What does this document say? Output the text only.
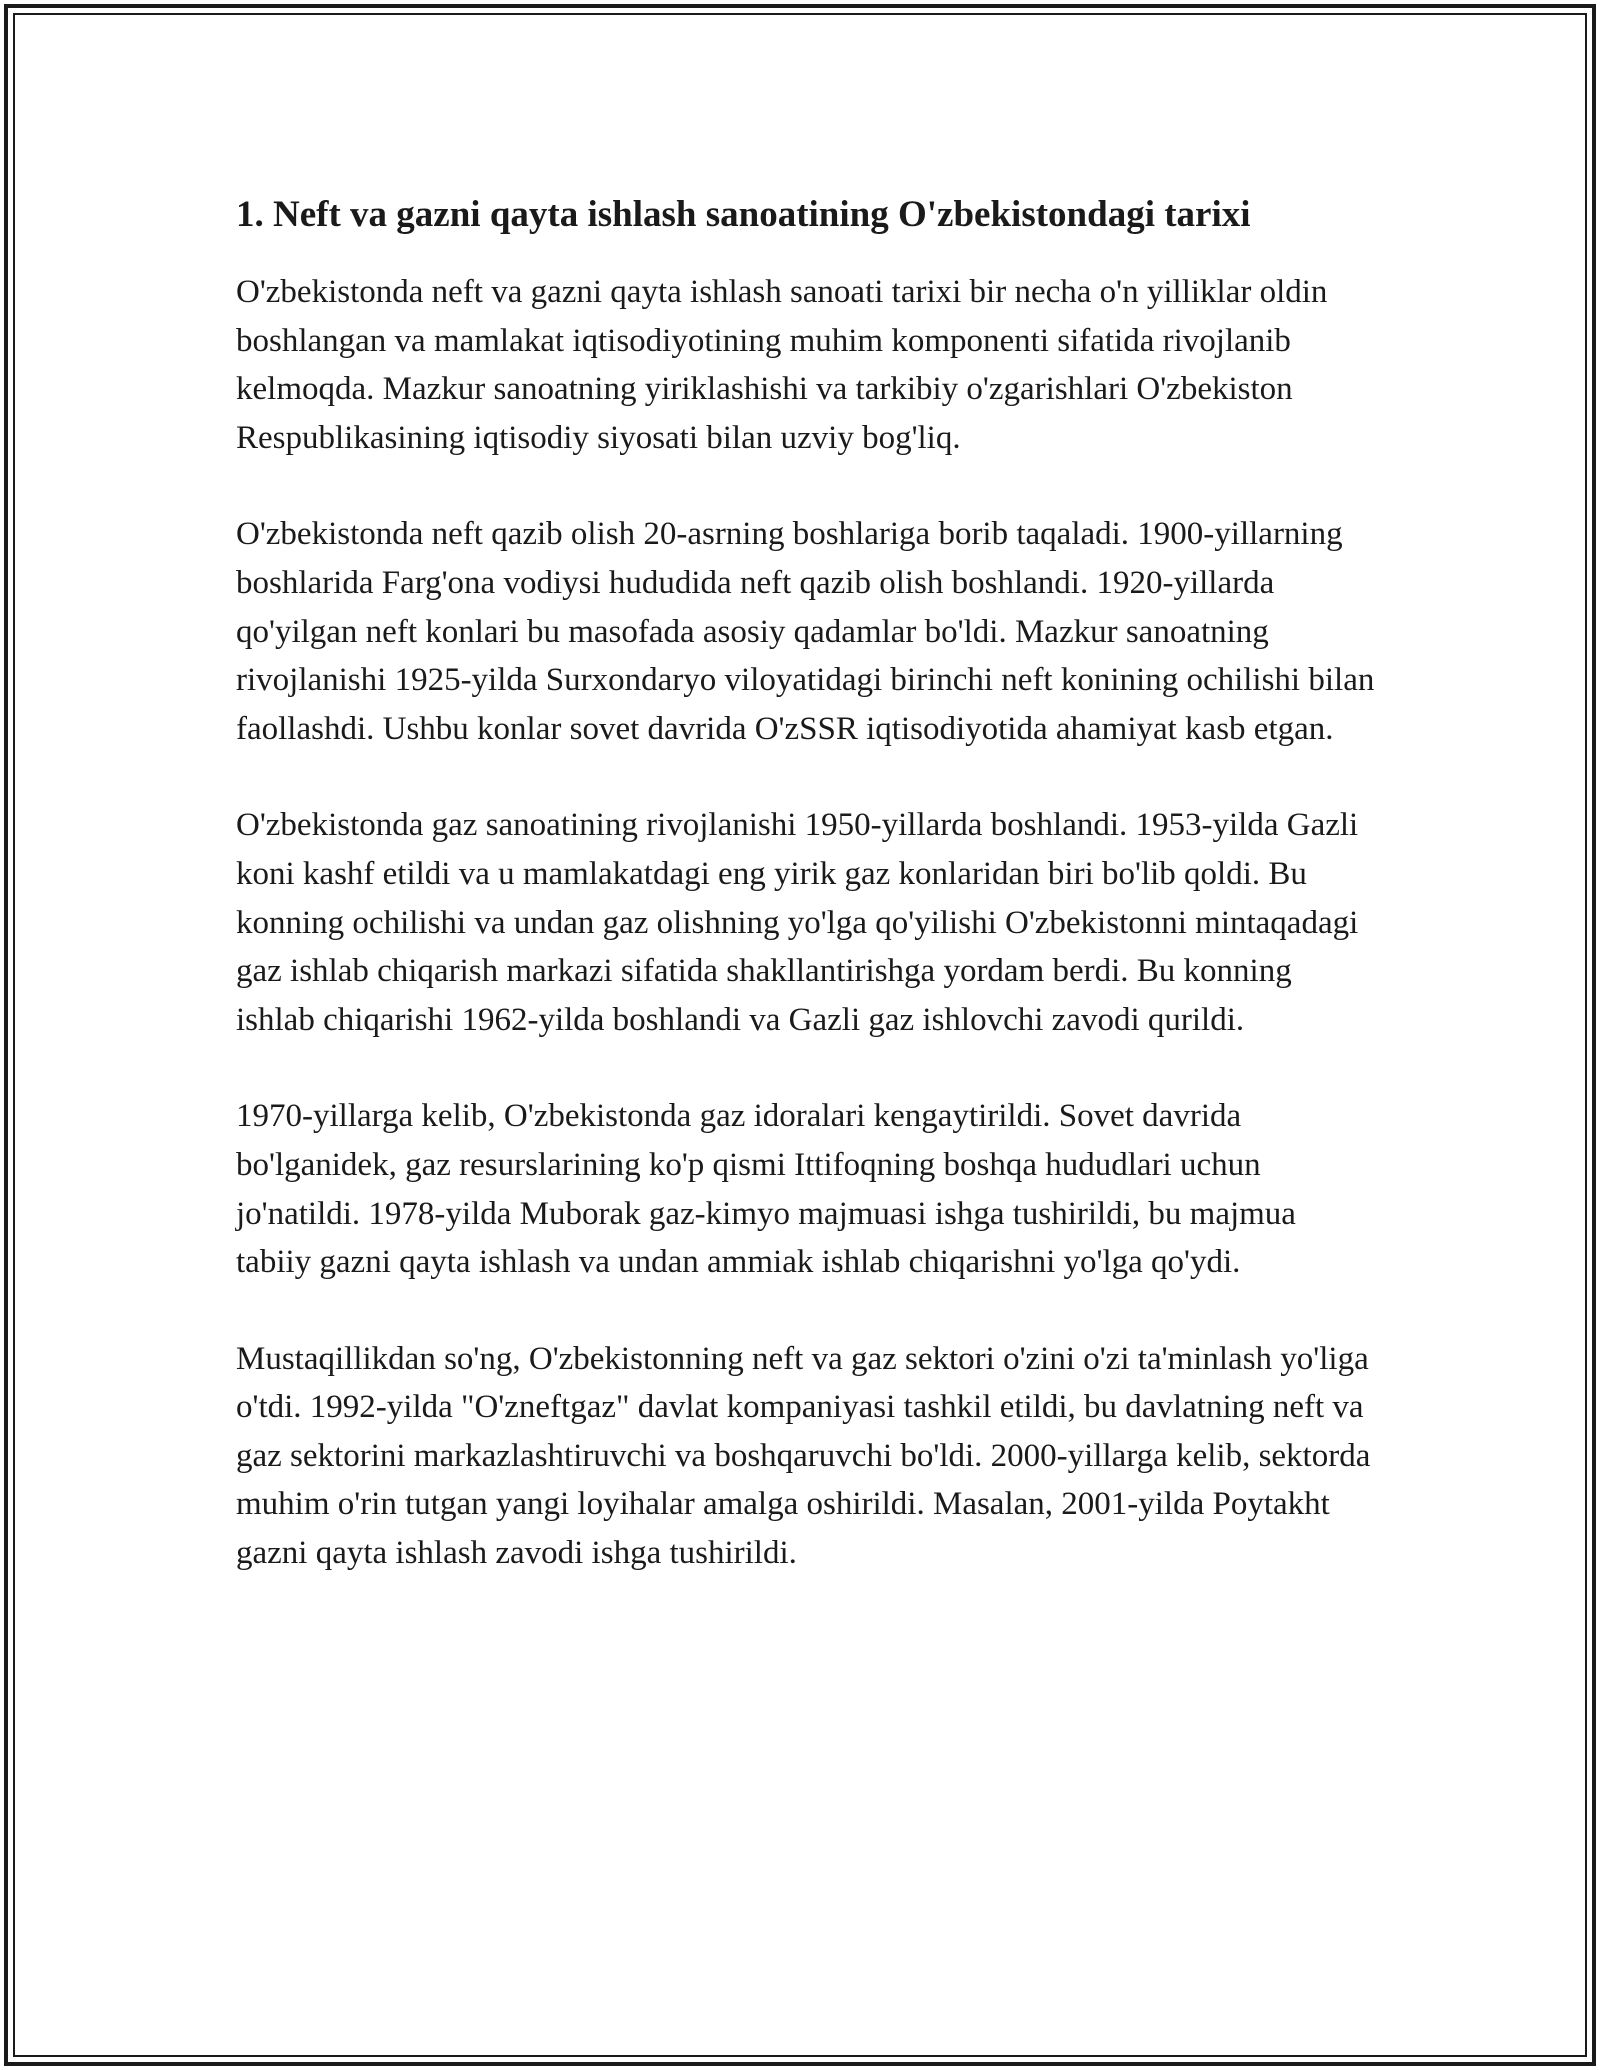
1. Neft va gazni qayta ishlash sanoatining O'zbekistondagi tarixi

O'zbekistonda neft va gazni qayta ishlash sanoati tarixi bir necha o'n yilliklar oldin boshlangan va mamlakat iqtisodiyotining muhim komponenti sifatida rivojlanib kelmoqda. Mazkur sanoatning yiriklashishi va tarkibiy o'zgarishlari O'zbekiston Respublikasining iqtisodiy siyosati bilan uzviy bog'liq.

O'zbekistonda neft qazib olish 20-asrning boshlariga borib taqaladi. 1900-yillarning boshlarida Farg'ona vodiysi hududida neft qazib olish boshlandi. 1920-yillarda qo'yilgan neft konlari bu masofada asosiy qadamlar bo'ldi. Mazkur sanoatning rivojlanishi 1925-yilda Surxondaryo viloyatidagi birinchi neft konining ochilishi bilan faollashdi. Ushbu konlar sovet davrida O'zSSR iqtisodiyotida ahamiyat kasb etgan.

O'zbekistonda gaz sanoatining rivojlanishi 1950-yillarda boshlandi. 1953-yilda Gazli koni kashf etildi va u mamlakatdagi eng yirik gaz konlaridan biri bo'lib qoldi. Bu konning ochilishi va undan gaz olishning yo'lga qo'yilishi O'zbekistonni mintaqadagi gaz ishlab chiqarish markazi sifatida shakllantirishga yordam berdi. Bu konning ishlab chiqarishi 1962-yilda boshlandi va Gazli gaz ishlovchi zavodi qurildi.

1970-yillarga kelib, O'zbekistonda gaz idoralari kengaytirildi. Sovet davrida bo'lganidek, gaz resurslarining ko'p qismi Ittifoqning boshqa hududlari uchun jo'natildi. 1978-yilda Muborak gaz-kimyo majmuasi ishga tushirildi, bu majmua tabiiy gazni qayta ishlash va undan ammiak ishlab chiqarishni yo'lga qo'ydi.

Mustaqillikdan so'ng, O'zbekistonning neft va gaz sektori o'zini o'zi ta'minlash yo'liga o'tdi. 1992-yilda "O'zneftgaz" davlat kompaniyasi tashkil etildi, bu davlatning neft va gaz sektorini markazlashtiruvchi va boshqaruvchi bo'ldi. 2000-yillarga kelib, sektorda muhim o'rin tutgan yangi loyihalar amalga oshirildi. Masalan, 2001-yilda Poytakht gazni qayta ishlash zavodi ishga tushirildi.
